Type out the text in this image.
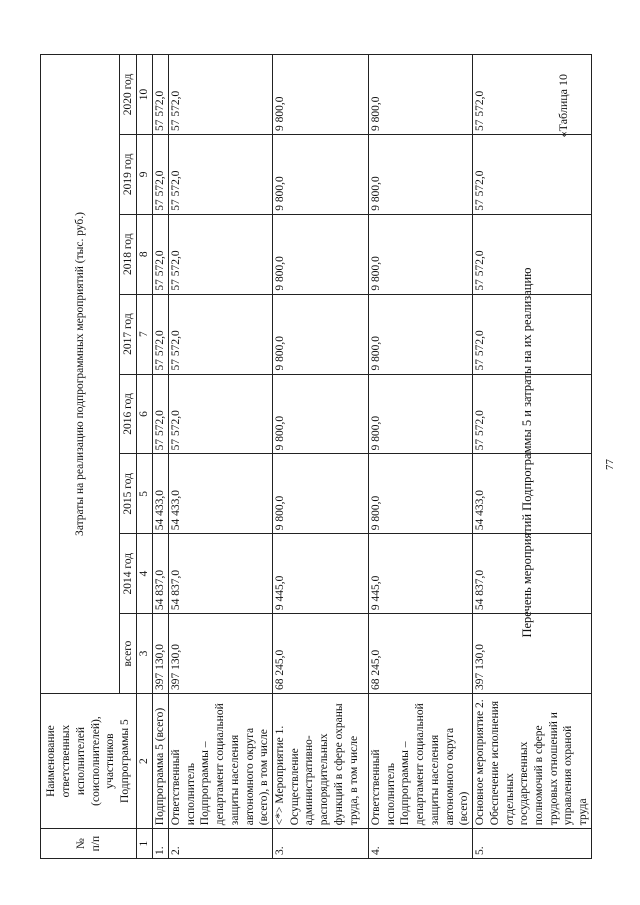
77
«Таблица 10
Перечень мероприятий Подпрограммы 5 и затраты на их реализацию
№ п/п	Наименование ответственных исполнителей (соисполнителей), участников Подпрограммы 5	Затраты на реализацию подпрограммных мероприятий (тыс. руб.)							
		всего	2014 год	2015 год	2016 год	2017 год	2018 год	2019 год	2020 год
1	2	3	4	5	6	7	8	9	10
1.	Подпрограмма 5 (всего)	397 130,0	54 837,0	54 433,0	57 572,0	57 572,0	57 572,0	57 572,0	57 572,0
2.	Ответственный исполнитель Подпрограммы – департамент социальной защиты населения автономного округа (всего), в том числе	397 130,0	54 837,0	54 433,0	57 572,0	57 572,0	57 572,0	57 572,0	57 572,0
3.	<*> Мероприятие 1. Осуществление административно-распорядительных функций в сфере охраны труда, в том числе	68 245,0	9 445,0	9 800,0	9 800,0	9 800,0	9 800,0	9 800,0	9 800,0
4.	Ответственный исполнитель Подпрограммы – департамент социальной защиты населения автономного округа (всего)	68 245,0	9 445,0	9 800,0	9 800,0	9 800,0	9 800,0	9 800,0	9 800,0
5.	Основное мероприятие 2. Обеспечение исполнения отдельных государственных полномочий в сфере трудовых отношений и управления охраной труда	397 130,0	54 837,0	54 433,0	57 572,0	57 572,0	57 572,0	57 572,0	57 572,0
